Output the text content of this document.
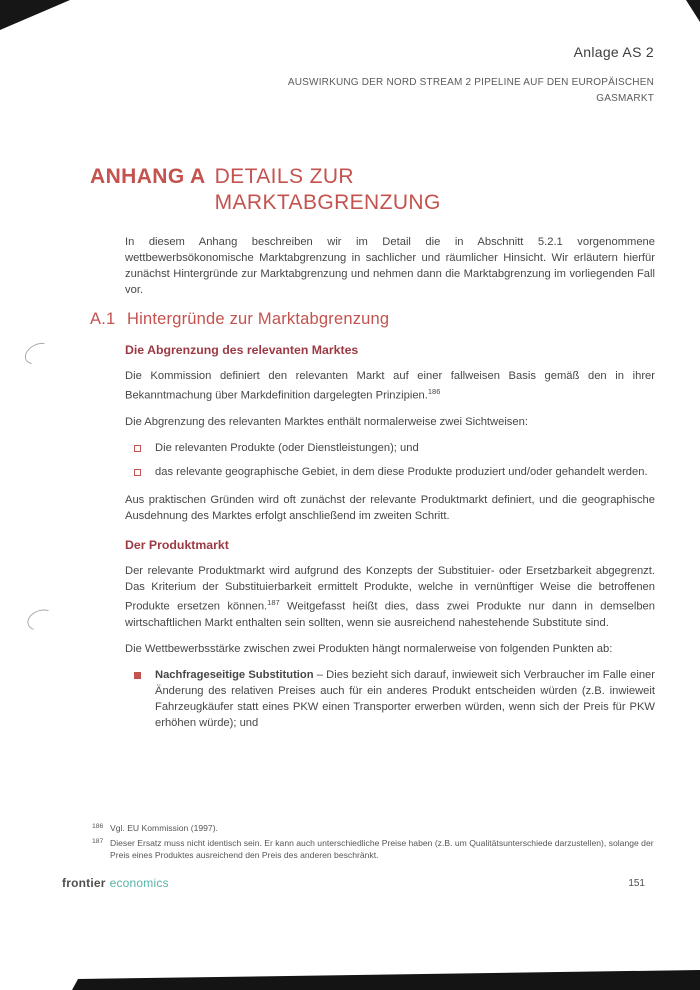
Anlage AS 2
AUSWIRKUNG DER NORD STREAM 2 PIPELINE AUF DEN EUROPÄISCHEN
GASMARKT
ANHANG A DETAILS ZUR MARKTABGRENZUNG

In diesem Anhang beschreiben wir im Detail die in Abschnitt 5.2.1 vorgenommene wettbewerbsökonomische Marktabgrenzung in sachlicher und räumlicher Hinsicht. Wir erläutern hierfür zunächst Hintergründe zur Marktabgrenzung und nehmen dann die Marktabgrenzung im vorliegenden Fall vor.

A.1 Hintergründe zur Marktabgrenzung
Die Abgrenzung des relevanten Marktes

Die Kommission definiert den relevanten Markt auf einer fallweisen Basis gemäß den in ihrer Bekanntmachung über Markdefinition dargelegten Prinzipien.$^{186}$

Die Abgrenzung des relevanten Marktes enthält normalerweise zwei Sichtweisen:

Die relevanten Produkte (oder Dienstleistungen); und
das relevante geographische Gebiet, in dem diese Produkte produziert und/oder gehandelt werden.

Aus praktischen Gründen wird oft zunächst der relevante Produktmarkt definiert, und die geographische Ausdehnung des Marktes erfolgt anschließend im zweiten Schritt.

Der Produktmarkt

Der relevante Produktmarkt wird aufgrund des Konzepts der Substituier- oder Ersetzbarkeit abgegrenzt. Das Kriterium der Substituierbarkeit ermittelt Produkte, welche in vernünftiger Weise die betroffenen Produkte ersetzen können.$^{187}$ Weitgefasst heißt dies, dass zwei Produkte nur dann in demselben wirtschaftlichen Markt enthalten sein sollten, wenn sie ausreichend nahestehende Substitute sind.

Die Wettbewerbsstärke zwischen zwei Produkten hängt normalerweise von folgenden Punkten ab:

Nachfrageseitige Substitution – Dies bezieht sich darauf, inwieweit sich Verbraucher im Falle einer Änderung des relativen Preises auch für ein anderes Produkt entscheiden würden (z.B. inwieweit Fahrzeugkäufer statt eines PKW einen Transporter erwerben würden, wenn sich der Preis für PKW erhöhen würde); und
186 Vgl. EU Kommission (1997).
187 Dieser Ersatz muss nicht identisch sein. Er kann auch unterschiedliche Preise haben (z.B. um Qualitätsunterschiede darzustellen), solange der Preis eines Produktes ausreichend den Preis des anderen beschränkt.
frontier economics	151
